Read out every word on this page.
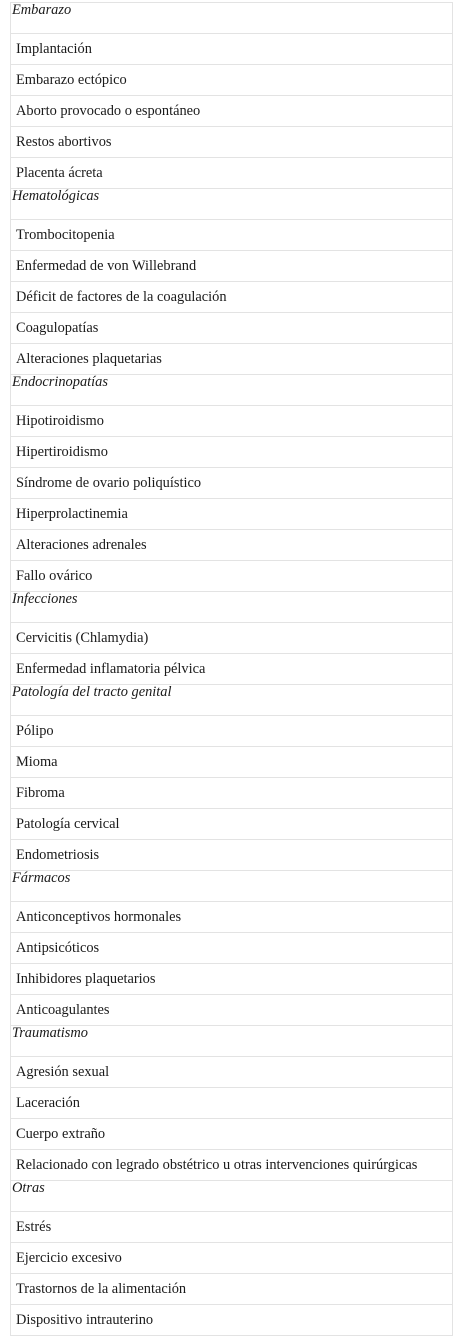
Embarazo
Implantación
Embarazo ectópico
Aborto provocado o espontáneo
Restos abortivos
Placenta ácreta
Hematológicas
Trombocitopenia
Enfermedad de von Willebrand
Déficit de factores de la coagulación
Coagulopatías
Alteraciones plaquetarias
Endocrinopatías
Hipotiroidismo
Hipertiroidismo
Síndrome de ovario poliquístico
Hiperprolactinemia
Alteraciones adrenales
Fallo ovárico
Infecciones
Cervicitis (Chlamydia)
Enfermedad inflamatoria pélvica
Patología del tracto genital
Pólipo
Mioma
Fibroma
Patología cervical
Endometriosis
Fármacos
Anticonceptivos hormonales
Antipsicóticos
Inhibidores plaquetarios
Anticoagulantes
Traumatismo
Agresión sexual
Laceración
Cuerpo extraño
Relacionado con legrado obstétrico u otras intervenciones quirúrgicas
Otras
Estrés
Ejercicio excesivo
Trastornos de la alimentación
Dispositivo intrauterino
